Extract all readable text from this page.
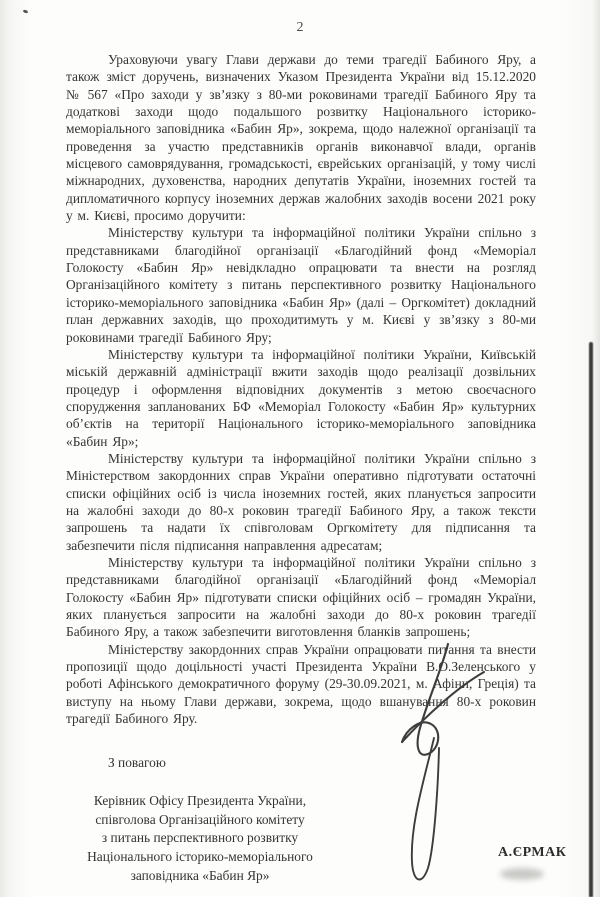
2

Ураховуючи увагу Глави держави до теми трагедії Бабиного Яру, а також зміст доручень, визначених Указом Президента України від 15.12.2020 № 567 «Про заходи у зв’язку з 80-ми роковинами трагедії Бабиного Яру та додаткові заходи щодо подальшого розвитку Національного історико-меморіального заповідника «Бабин Яр», зокрема, щодо належної організації та проведення за участю представників органів виконавчої влади, органів місцевого самоврядування, громадськості, єврейських організацій, у тому числі міжнародних, духовенства, народних депутатів України, іноземних гостей та дипломатичного корпусу іноземних держав жалобних заходів восени 2021 року у м. Києві, просимо доручити:

Міністерству культури та інформаційної політики України спільно з представниками благодійної організації «Благодійний фонд «Меморіал Голокосту «Бабин Яр» невідкладно опрацювати та внести на розгляд Організаційного комітету з питань перспективного розвитку Національного історико-меморіального заповідника «Бабин Яр» (далі – Оргкомітет) докладний план державних заходів, що проходитимуть у м. Києві у зв’язку з 80-ми роковинами трагедії Бабиного Яру;

Міністерству культури та інформаційної політики України, Київській міській державній адміністрації вжити заходів щодо реалізації дозвільних процедур і оформлення відповідних документів з метою своєчасного спорудження запланованих БФ «Меморіал Голокосту «Бабин Яр» культурних об’єктів на території Національного історико-меморіального заповідника «Бабин Яр»;

Міністерству культури та інформаційної політики України спільно з Міністерством закордонних справ України оперативно підготувати остаточні списки офіційних осіб із числа іноземних гостей, яких планується запросити на жалобні заходи до 80-х роковин трагедії Бабиного Яру, а також тексти запрошень та надати їх співголовам Оргкомітету для підписання та забезпечити після підписання направлення адресатам;

Міністерству культури та інформаційної політики України спільно з представниками благодійної організації «Благодійний фонд «Меморіал Голокосту «Бабин Яр» підготувати списки офіційних осіб – громадян України, яких планується запросити на жалобні заходи до 80-х роковин трагедії Бабиного Яру, а також забезпечити виготовлення бланків запрошень;

Міністерству закордонних справ України опрацювати питання та внести пропозиції щодо доцільності участі Президента України В.О.Зеленського у роботі Афінського демократичного форуму (29-30.09.2021, м. Афіни, Греція) та виступу на ньому Глави держави, зокрема, щодо вшанування 80-х роковин трагедії Бабиного Яру.

З повагою
Керівник Офісу Президента України,
співголова Організаційного комітету
з питань перспективного розвитку
Національного історико-меморіального
заповідника «Бабин Яр»
А.ЄРМАК
